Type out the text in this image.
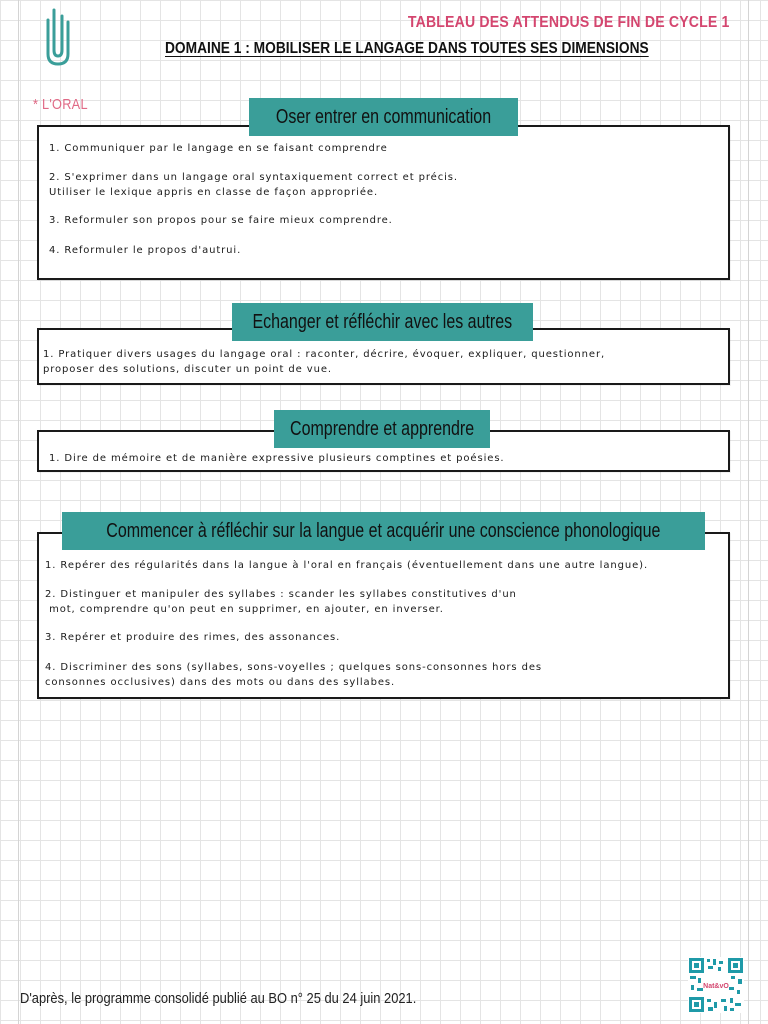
TABLEAU DES ATTENDUS DE FIN DE CYCLE 1
DOMAINE 1 : MOBILISER LE LANGAGE DANS TOUTES SES DIMENSIONS
* L'ORAL

1. Communiquer par le langage en se faisant comprendre

2. S'exprimer dans un langage oral syntaxiquement correct et précis.
Utiliser le lexique appris en classe de façon appropriée.

3. Reformuler son propos pour se faire mieux comprendre.

4. Reformuler le propos d'autrui.

Oser entrer en communication

1. Pratiquer divers usages du langage oral : raconter, décrire, évoquer, expliquer, questionner,
proposer des solutions, discuter un point de vue.

Echanger et réfléchir avec les autres

1. Dire de mémoire et de manière expressive plusieurs comptines et poésies.

Comprendre et apprendre

1. Repérer des régularités dans la langue à l'oral en français (éventuellement dans une autre langue).

2. Distinguer et manipuler des syllabes : scander les syllabes constitutives d'un
mot, comprendre qu'on peut en supprimer, en ajouter, en inverser.

3. Repérer et produire des rimes, des assonances.

4. Discriminer des sons (syllabes, sons-voyelles ; quelques sons-consonnes hors des
consonnes occlusives) dans des mots ou dans des syllabes.

Commencer à réfléchir sur la langue et acquérir une conscience phonologique
D'après, le programme consolidé publié au BO n° 25 du 24 juin 2021.
Nat&vO
